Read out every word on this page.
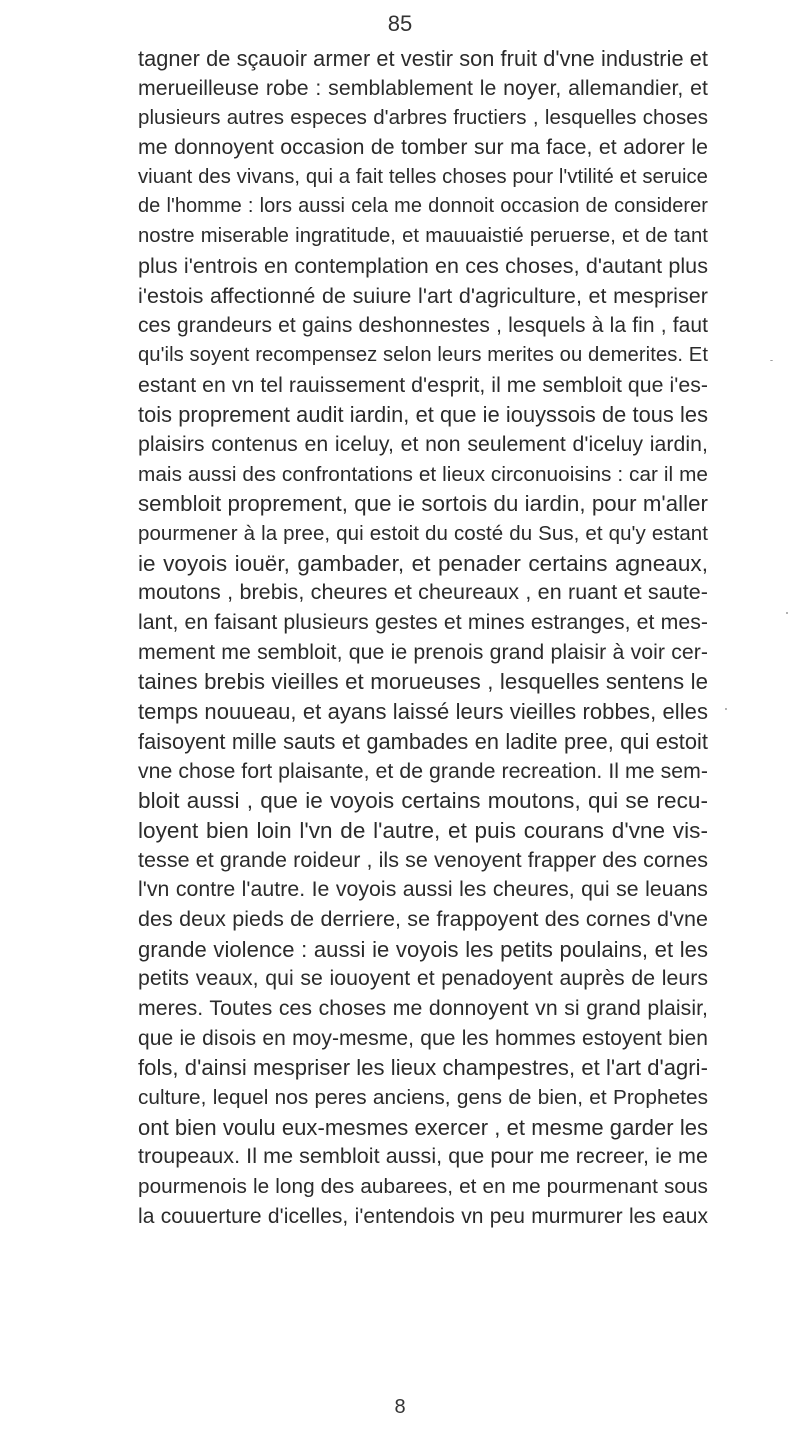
85
tagner de sçauoir armer et vestir son fruit d'vne industrie et
merueilleuse robe : semblablement le noyer, allemandier, et
plusieurs autres especes d'arbres fructiers , lesquelles choses
me donnoyent occasion de tomber sur ma face, et adorer le
viuant des vivans, qui a fait telles choses pour l'vtilité et seruice
de l'homme : lors aussi cela me donnoit occasion de considerer
nostre miserable ingratitude, et mauuaistié peruerse, et de tant
plus i'entrois en contemplation en ces choses, d'autant plus
i'estois affectionné de suiure l'art d'agriculture, et mespriser
ces grandeurs et gains deshonnestes , lesquels à la fin , faut
qu'ils soyent recompensez selon leurs merites ou demerites. Et
estant en vn tel rauissement d'esprit, il me sembloit que i'es-
tois proprement audit iardin, et que ie iouyssois de tous les
plaisirs contenus en iceluy, et non seulement d'iceluy iardin,
mais aussi des confrontations et lieux circonuoisins : car il me
sembloit proprement, que ie sortois du iardin, pour m'aller
pourmener à la pree, qui estoit du costé du Sus, et qu'y estant
ie voyois iouër, gambader, et penader certains agneaux,
moutons , brebis, cheures et cheureaux , en ruant et saute-
lant, en faisant plusieurs gestes et mines estranges, et mes-
mement me sembloit, que ie prenois grand plaisir à voir cer-
taines brebis vieilles et morueuses , lesquelles sentens le
temps nouueau, et ayans laissé leurs vieilles robbes, elles
faisoyent mille sauts et gambades en ladite pree, qui estoit
vne chose fort plaisante, et de grande recreation. Il me sem-
bloit aussi , que ie voyois certains moutons, qui se recu-
loyent bien loin l'vn de l'autre, et puis courans d'vne vis-
tesse et grande roideur , ils se venoyent frapper des cornes
l'vn contre l'autre. Ie voyois aussi les cheures, qui se leuans
des deux pieds de derriere, se frappoyent des cornes d'vne
grande violence : aussi ie voyois les petits poulains, et les
petits veaux, qui se iouoyent et penadoyent auprès de leurs
meres. Toutes ces choses me donnoyent vn si grand plaisir,
que ie disois en moy-mesme, que les hommes estoyent bien
fols, d'ainsi mespriser les lieux champestres, et l'art d'agri-
culture, lequel nos peres anciens, gens de bien, et Prophetes
ont bien voulu eux-mesmes exercer , et mesme garder les
troupeaux. Il me sembloit aussi, que pour me recreer, ie me
pourmenois le long des aubarees, et en me pourmenant sous
la couuerture d'icelles, i'entendois vn peu murmurer les eaux
8
